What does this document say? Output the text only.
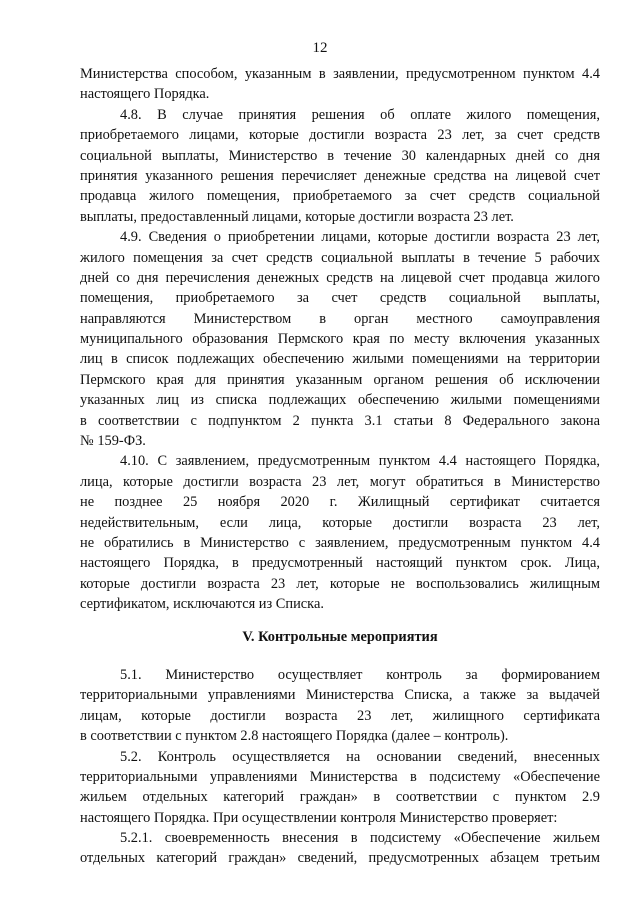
12
Министерства способом, указанным в заявлении, предусмотренном пунктом 4.4
настоящего Порядка.
4.8. В случае принятия решения об оплате жилого помещения,
приобретаемого лицами, которые достигли возраста 23 лет, за счет средств
социальной выплаты, Министерство в течение 30 календарных дней со дня
принятия указанного решения перечисляет денежные средства на лицевой счет
продавца жилого помещения, приобретаемого за счет средств социальной
выплаты, предоставленный лицами, которые достигли возраста 23 лет.
4.9. Сведения о приобретении лицами, которые достигли возраста 23 лет,
жилого помещения за счет средств социальной выплаты в течение 5 рабочих
дней со дня перечисления денежных средств на лицевой счет продавца жилого
помещения, приобретаемого за счет средств социальной выплаты,
направляются Министерством в орган местного самоуправления
муниципального образования Пермского края по месту включения указанных
лиц в список подлежащих обеспечению жилыми помещениями на территории
Пермского края для принятия указанным органом решения об исключении
указанных лиц из списка подлежащих обеспечению жилыми помещениями
в соответствии с подпунктом 2 пункта 3.1 статьи 8 Федерального закона
№ 159-ФЗ.
4.10. С заявлением, предусмотренным пунктом 4.4 настоящего Порядка,
лица, которые достигли возраста 23 лет, могут обратиться в Министерство
не позднее 25 ноября 2020 г. Жилищный сертификат считается
недействительным, если лица, которые достигли возраста 23 лет,
не обратились в Министерство с заявлением, предусмотренным пунктом 4.4
настоящего Порядка, в предусмотренный настоящий пунктом срок. Лица,
которые достигли возраста 23 лет, которые не воспользовались жилищным
сертификатом, исключаются из Списка.
V. Контрольные мероприятия
5.1. Министерство осуществляет контроль за формированием
территориальными управлениями Министерства Списка, а также за выдачей
лицам, которые достигли возраста 23 лет, жилищного сертификата
в соответствии с пунктом 2.8 настоящего Порядка (далее – контроль).
5.2. Контроль осуществляется на основании сведений, внесенных
территориальными управлениями Министерства в подсистему «Обеспечение
жильем отдельных категорий граждан» в соответствии с пунктом 2.9
настоящего Порядка. При осуществлении контроля Министерство проверяет:
5.2.1. своевременность внесения в подсистему «Обеспечение жильем
отдельных категорий граждан» сведений, предусмотренных абзацем третьим
